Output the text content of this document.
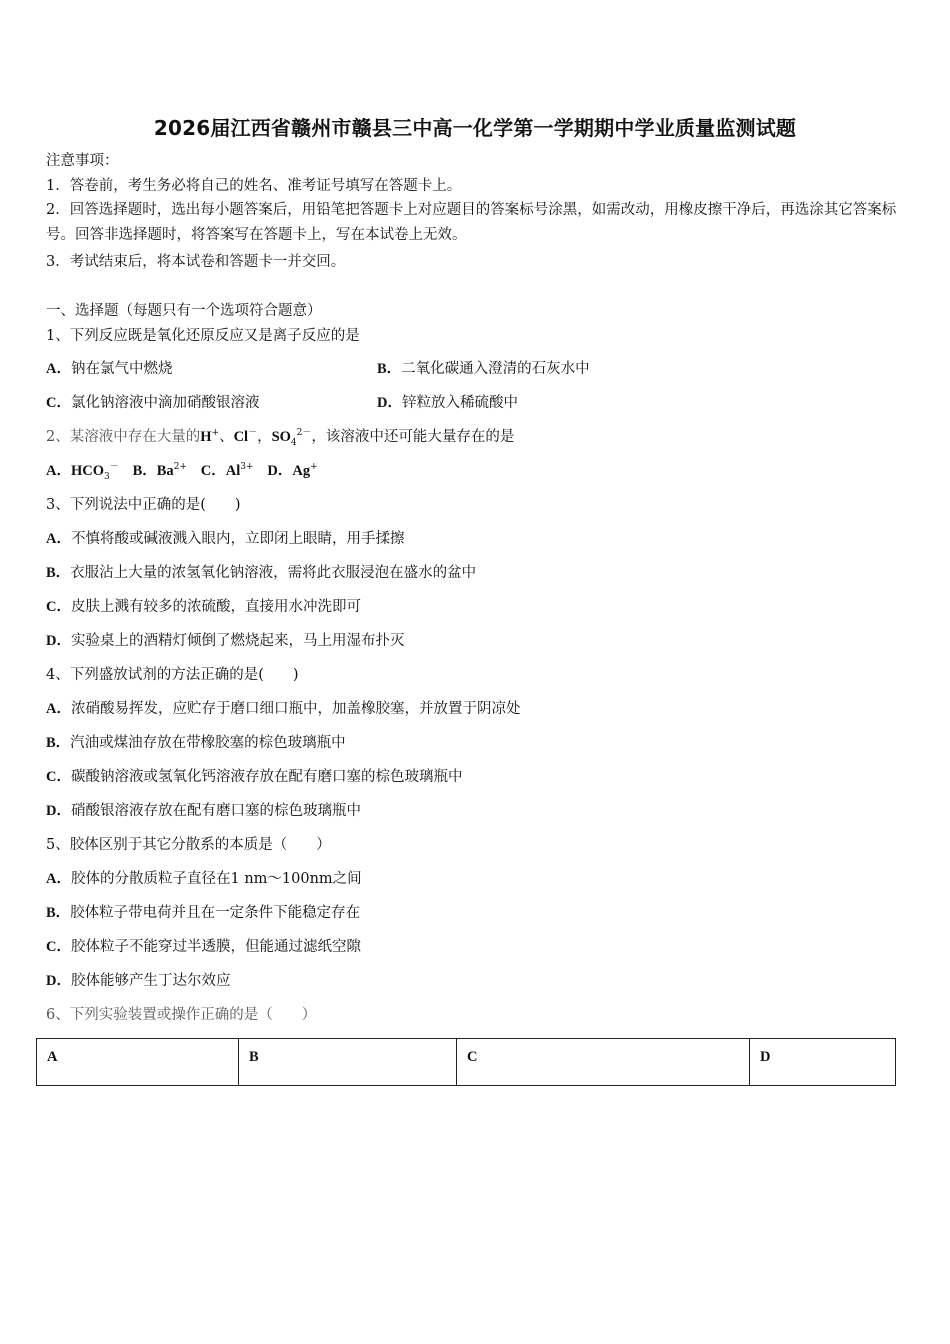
2026届江西省赣州市赣县三中高一化学第一学期期中学业质量监测试题
注意事项：
1．答卷前，考生务必将自己的姓名、准考证号填写在答题卡上。
2．回答选择题时，选出每小题答案后，用铅笔把答题卡上对应题目的答案标号涂黑，如需改动，用橡皮擦干净后，再选涂其它答案标号。回答非选择题时，将答案写在答题卡上，写在本试卷上无效。
3．考试结束后，将本试卷和答题卡一并交回。
一、选择题（每题只有一个选项符合题意）
1、下列反应既是氧化还原反应又是离子反应的是
A．钠在氯气中燃烧	B．二氧化碳通入澄清的石灰水中
C．氯化钠溶液中滴加硝酸银溶液	D．锌粒放入稀硫酸中
2、某溶液中存在大量的H+、Cl－，$SO_4^{2-}$，该溶液中还可能大量存在的是
A．$HCO_3^-$ B．$Ba^{2+}$ C．$Al^{3+}$ D．Ag+
3、下列说法中正确的是(　　)
A．不慎将酸或碱液溅入眼内，立即闭上眼睛，用手揉擦
B．衣服沾上大量的浓氢氧化钠溶液，需将此衣服浸泡在盛水的盆中
C．皮肤上溅有较多的浓硫酸，直接用水冲洗即可
D．实验桌上的酒精灯倾倒了燃烧起来，马上用湿布扑灭
4、下列盛放试剂的方法正确的是(　　)
A．浓硝酸易挥发，应贮存于磨口细口瓶中，加盖橡胶塞，并放置于阴凉处
B．汽油或煤油存放在带橡胶塞的棕色玻璃瓶中
C．碳酸钠溶液或氢氧化钙溶液存放在配有磨口塞的棕色玻璃瓶中
D．硝酸银溶液存放在配有磨口塞的棕色玻璃瓶中
5、胶体区别于其它分散系的本质是（　　）
A．胶体的分散质粒子直径在1 nm～100nm之间
B．胶体粒子带电荷并且在一定条件下能稳定存在
C．胶体粒子不能穿过半透膜，但能通过滤纸空隙
D．胶体能够产生丁达尔效应
6、下列实验装置或操作正确的是（　　）
A	B	C	D
